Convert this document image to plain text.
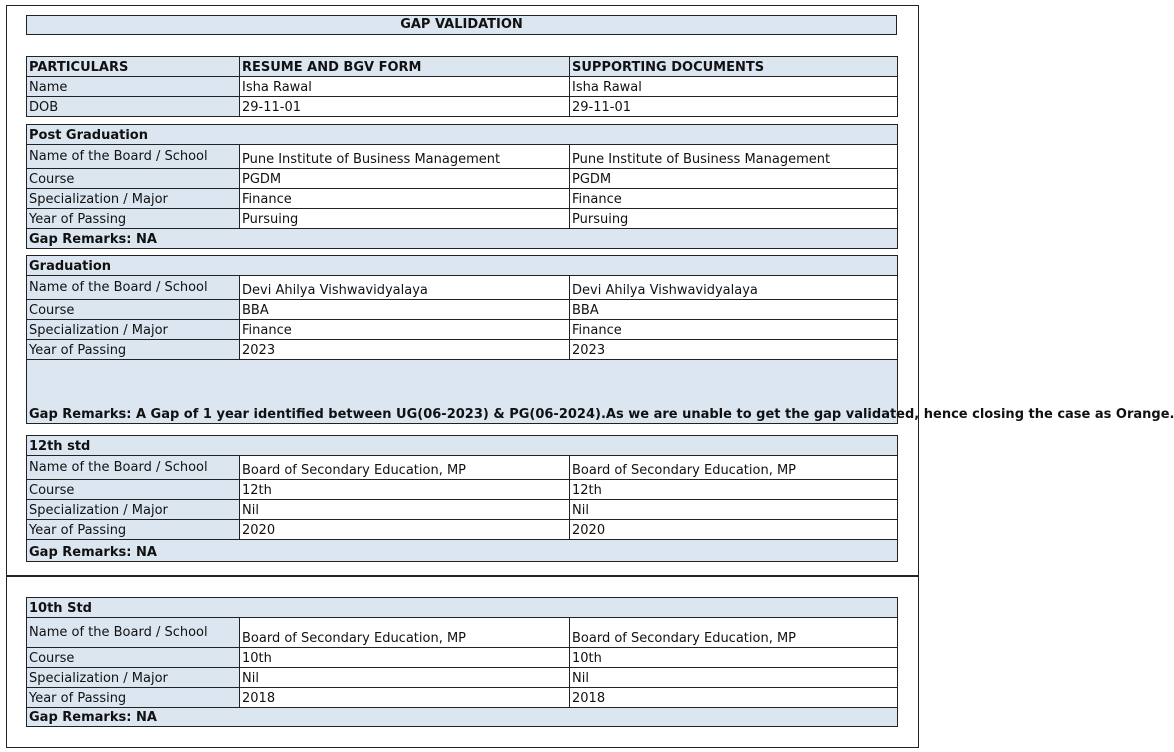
GAP VALIDATION
PARTICULARS	RESUME AND BGV FORM	SUPPORTING DOCUMENTS
Name	Isha Rawal	Isha Rawal
DOB	29-11-01	29-11-01
Post Graduation		
Name of the Board / School	Pune Institute of Business Management	Pune Institute of Business Management
Course	PGDM	PGDM
Specialization / Major	Finance	Finance
Year of Passing	Pursuing	Pursuing
Gap Remarks: NA		
Graduation		
Name of the Board / School	Devi Ahilya Vishwavidyalaya	Devi Ahilya Vishwavidyalaya
Course	BBA	BBA
Specialization / Major	Finance	Finance
Year of Passing	2023	2023
Gap Remarks: A Gap of 1 year identified between UG(06-2023) & PG(06-2024).As we are unable to get the gap validated, hence closing the case as Orange.		
12th std		
Name of the Board / School	Board of Secondary Education, MP	Board of Secondary Education, MP
Course	12th	12th
Specialization / Major	Nil	Nil
Year of Passing	2020	2020
Gap Remarks: NA		
10th Std		
Name of the Board / School	Board of Secondary Education, MP	Board of Secondary Education, MP
Course	10th	10th
Specialization / Major	Nil	Nil
Year of Passing	2018	2018
Gap Remarks: NA		
